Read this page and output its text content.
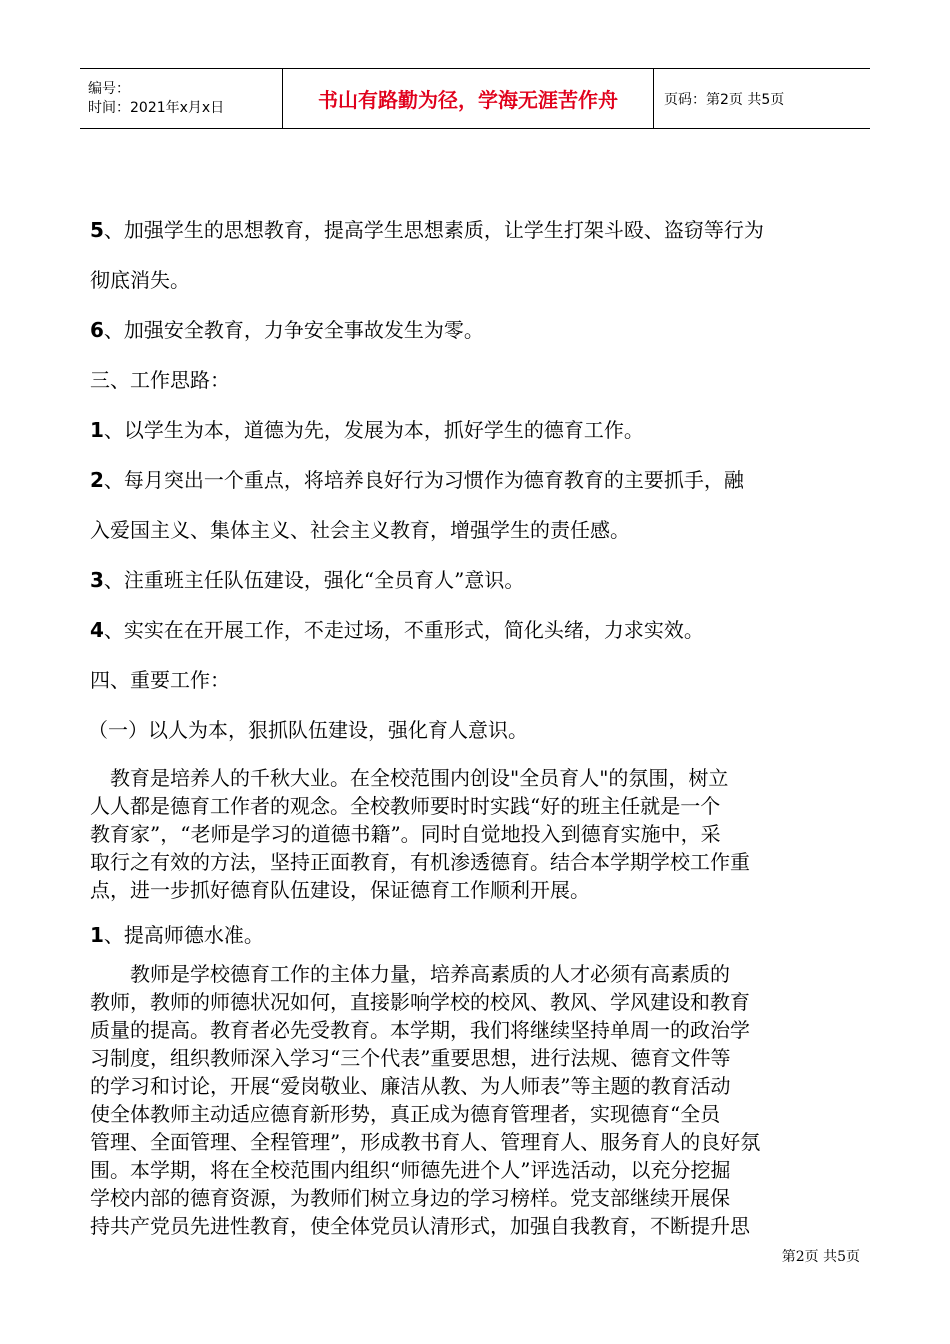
编号：
时间：2021年x月x日	书山有路勤为径，学海无涯苦作舟	页码：第2页 共5页

5、加强学生的思想教育，提高学生思想素质，让学生打架斗殴、盗窃等行为

彻底消失。

6、加强安全教育，力争安全事故发生为零。

三、工作思路：

1、以学生为本，道德为先，发展为本，抓好学生的德育工作。

2、每月突出一个重点，将培养良好行为习惯作为德育教育的主要抓手，融

入爱国主义、集体主义、社会主义教育，增强学生的责任感。

3、注重班主任队伍建设，强化“全员育人”意识。

4、实实在在开展工作，不走过场，不重形式，简化头绪，力求实效。

四、重要工作：

（一）以人为本，狠抓队伍建设，强化育人意识。

　教育是培养人的千秋大业。在全校范围内创设"全员育人"的氛围，树立

人人都是德育工作者的观念。全校教师要时时实践“好的班主任就是一个

教育家”，“老师是学习的道德书籍”。同时自觉地投入到德育实施中，采

取行之有效的方法，坚持正面教育，有机渗透德育。结合本学期学校工作重

点，进一步抓好德育队伍建设，保证德育工作顺利开展。

1、提高师德水准。

　　教师是学校德育工作的主体力量，培养高素质的人才必须有高素质的

教师，教师的师德状况如何，直接影响学校的校风、教风、学风建设和教育

质量的提高。教育者必先受教育。本学期，我们将继续坚持单周一的政治学

习制度，组织教师深入学习“三个代表”重要思想，进行法规、德育文件等

的学习和讨论，开展“爱岗敬业、廉洁从教、为人师表”等主题的教育活动

使全体教师主动适应德育新形势，真正成为德育管理者，实现德育“全员

管理、全面管理、全程管理”，形成教书育人、管理育人、服务育人的良好氛

围。本学期，将在全校范围内组织“师德先进个人”评选活动，以充分挖掘

学校内部的德育资源，为教师们树立身边的学习榜样。党支部继续开展保

持共产党员先进性教育，使全体党员认清形式，加强自我教育，不断提升思

第2页 共5页
